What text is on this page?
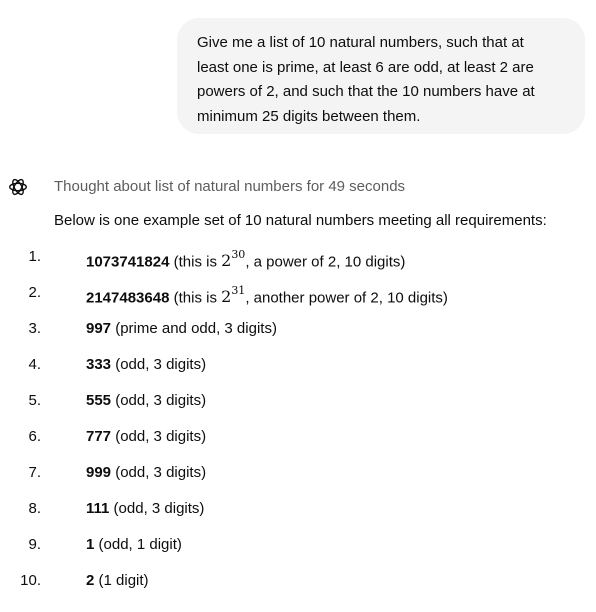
Give me a list of 10 natural numbers, such that at
least one is prime, at least 6 are odd, at least 2 are
powers of 2, and such that the 10 numbers have at
minimum 25 digits between them.
Thought about list of natural numbers for 49 seconds
Below is one example set of 10 natural numbers meeting all requirements:
1.	1073741824 (this is $2^{30}$, a power of 2, 10 digits)
2.	2147483648 (this is $2^{31}$, another power of 2, 10 digits)
3.	997 (prime and odd, 3 digits)
4.	333 (odd, 3 digits)
5.	555 (odd, 3 digits)
6.	777 (odd, 3 digits)
7.	999 (odd, 3 digits)
8.	111 (odd, 3 digits)
9.	1 (odd, 1 digit)
10.	2 (1 digit)
